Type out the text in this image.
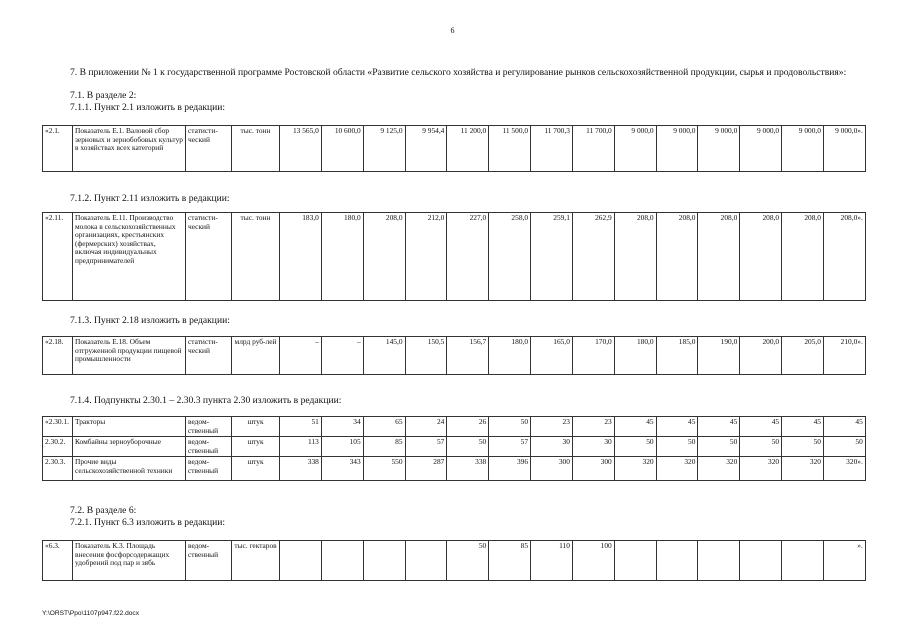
6
7. В приложении № 1 к государственной программе Ростовской области «Развитие сельского хозяйства и регулирование рынков сельскохозяйственной продукции, сырья и продовольствия»:
7.1. В разделе 2:
7.1.1. Пункт 2.1 изложить в редакции:
«2.1.	Показатель Е.1. Валовой сбор зерновых и зернобобовых культур в хозяйствах всех категорий	статисти-ческий	тыс. тонн	13 565,0	10 600,0	9 125,0	9 954,4	11 200,0	11 500,0	11 700,3	11 700,0	9 000,0	9 000,0	9 000,0	9 000,0	9 000,0	9 000,0».
7.1.2. Пункт 2.11 изложить в редакции:
«2.11.	Показатель Е.11. Производство молока в сельскохозяйственных организациях, крестьянских (фермерских) хозяйствах, включая индивидуальных предпринимателей	статисти-ческий	тыс. тонн	183,0	180,0	208,0	212,0	227,0	258,0	259,1	262,9	208,0	208,0	208,0	208,0	208,0	208,0».
7.1.3. Пункт 2.18 изложить в редакции:
«2.18.	Показатель Е.18. Объем отгруженной продукции пищевой промышленности	статисти-ческий	млрд руб-лей	–	–	145,0	150,5	156,7	180,0	165,0	170,0	180,0	185,0	190,0	200,0	205,0	210,0».
7.1.4. Подпункты 2.30.1 – 2.30.3 пункта 2.30 изложить в редакции:
«2.30.1.	Тракторы	ведом-ственный	штук	51	34	65	24	26	50	23	23	45	45	45	45	45	45
2.30.2.	Комбайны зерноуборочные	ведом-ственный	штук	113	105	85	57	50	57	30	30	50	50	50	50	50	50
2.30.3.	Прочие виды сельскохозяйственной техники	ведом-ственный	штук	338	343	550	287	338	396	300	300	320	320	320	320	320	320».
7.2. В разделе 6:
7.2.1. Пункт 6.3 изложить в редакции:
«6.3.	Показатель К.3. Площадь внесения фосфорсодержащих удобрений под пар и зябь	ведом-ственный	тыс. гектаров					50	85	110	100						».
Y:\ORST\Ppo\1107p947.f22.docx
